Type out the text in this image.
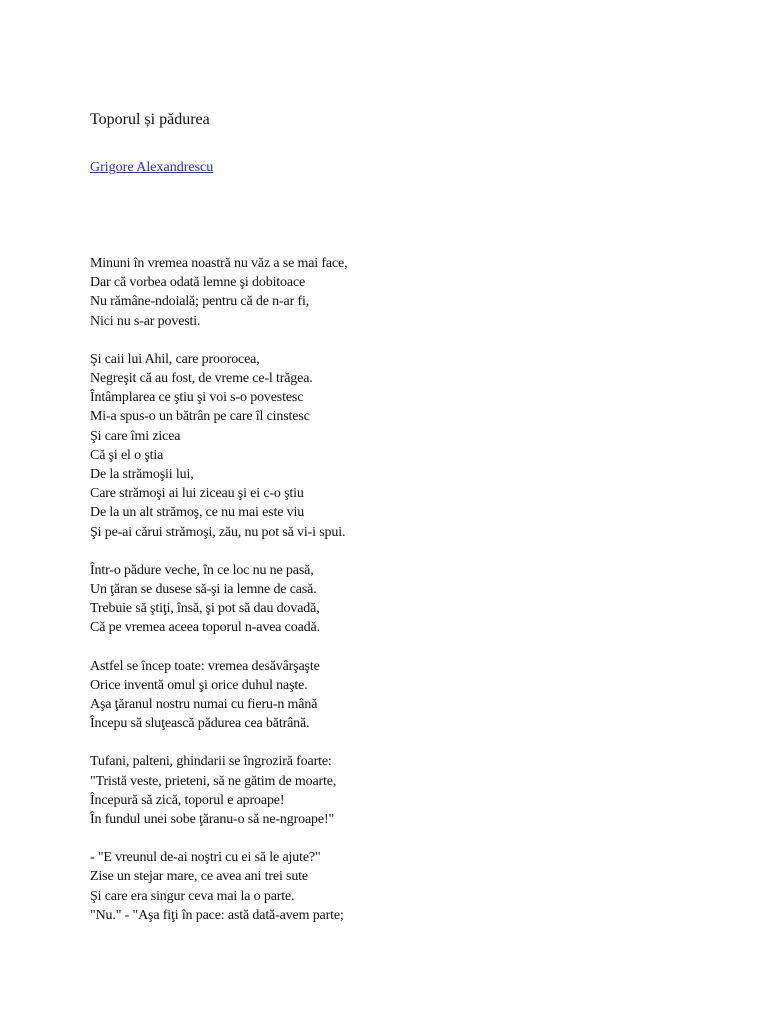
Toporul și pădurea
Grigore Alexandrescu
Minuni în vremea noastră nu văz a se mai face,
Dar că vorbea odată lemne şi dobitoace
Nu rămâne-ndoială; pentru că de n-ar fi,
Nici nu s-ar povesti.
Şi caii lui Ahil, care proorocea,
Negreşit că au fost, de vreme ce-l trăgea.
Întâmplarea ce ştiu şi voi s-o povestesc
Mi-a spus-o un bătrân pe care îl cinstesc
Şi care îmi zicea
Că şi el o ştia
De la strămoşii lui,
Care strămoşi ai lui ziceau şi ei c-o ştiu
De la un alt strămoş, ce nu mai este viu
Şi pe-ai cărui strămoşi, zău, nu pot să vi-i spui.
Într-o pădure veche, în ce loc nu ne pasă,
Un ţăran se dusese să-şi ia lemne de casă.
Trebuie să ştiţi, însă, şi pot să dau dovadă,
Că pe vremea aceea toporul n-avea coadă.
Astfel se încep toate: vremea desăvârşaşte
Orice inventă omul şi orice duhul naşte.
Aşa ţăranul nostru numai cu fieru-n mână
Începu să sluţească pădurea cea bătrână.
Tufani, palteni, ghindarii se îngroziră foarte:
"Tristă veste, prieteni, să ne gătim de moarte,
Începură să zică, toporul e aproape!
În fundul unei sobe ţăranu-o să ne-ngroape!"
- "E vreunul de-ai noştri cu ei să le ajute?"
Zise un stejar mare, ce avea ani trei sute
Şi care era singur ceva mai la o parte.
"Nu." - "Aşa fiţi în pace: astă dată-avem parte;
